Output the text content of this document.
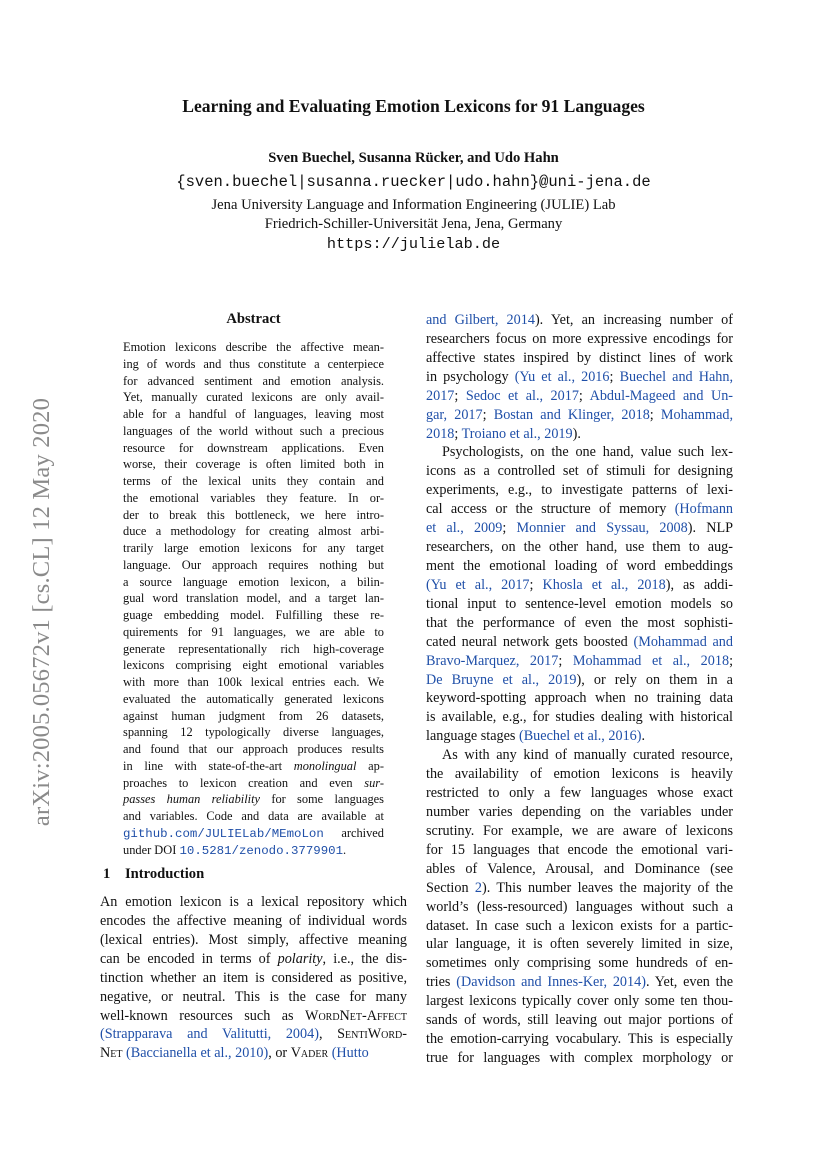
arXiv:2005.05672v1 [cs.CL] 12 May 2020
Learning and Evaluating Emotion Lexicons for 91 Languages
Sven Buechel, Susanna Rücker, and Udo Hahn
{sven.buechel|susanna.ruecker|udo.hahn}@uni-jena.de
Jena University Language and Information Engineering (JULIE) Lab
Friedrich-Schiller-Universität Jena, Jena, Germany
https://julielab.de
Abstract
Emotion lexicons describe the affective mean-
ing of words and thus constitute a centerpiece
for advanced sentiment and emotion analysis.
Yet, manually curated lexicons are only avail-
able for a handful of languages, leaving most
languages of the world without such a precious
resource for downstream applications. Even
worse, their coverage is often limited both in
terms of the lexical units they contain and
the emotional variables they feature. In or-
der to break this bottleneck, we here intro-
duce a methodology for creating almost arbi-
trarily large emotion lexicons for any target
language. Our approach requires nothing but
a source language emotion lexicon, a bilin-
gual word translation model, and a target lan-
guage embedding model. Fulfilling these re-
quirements for 91 languages, we are able to
generate representationally rich high-coverage
lexicons comprising eight emotional variables
with more than 100k lexical entries each. We
evaluated the automatically generated lexicons
against human judgment from 26 datasets,
spanning 12 typologically diverse languages,
and found that our approach produces results
in line with state-of-the-art monolingual ap-
proaches to lexicon creation and even sur-
passes human reliability for some languages
and variables. Code and data are available at
github.com/JULIELab/MEmoLon archived
under DOI 10.5281/zenodo.3779901.
1 Introduction
An emotion lexicon is a lexical repository which
encodes the affective meaning of individual words
(lexical entries). Most simply, affective meaning
can be encoded in terms of polarity, i.e., the dis-
tinction whether an item is considered as positive,
negative, or neutral. This is the case for many
well-known resources such as WordNet-Affect
(Strapparava and Valitutti, 2004), SentiWord-
Net (Baccianella et al., 2010), or Vader (Hutto
and Gilbert, 2014). Yet, an increasing number of
researchers focus on more expressive encodings for
affective states inspired by distinct lines of work
in psychology (Yu et al., 2016; Buechel and Hahn,
2017; Sedoc et al., 2017; Abdul-Mageed and Un-
gar, 2017; Bostan and Klinger, 2018; Mohammad,
2018; Troiano et al., 2019).
Psychologists, on the one hand, value such lex-
icons as a controlled set of stimuli for designing
experiments, e.g., to investigate patterns of lexi-
cal access or the structure of memory (Hofmann
et al., 2009; Monnier and Syssau, 2008). NLP
researchers, on the other hand, use them to aug-
ment the emotional loading of word embeddings
(Yu et al., 2017; Khosla et al., 2018), as addi-
tional input to sentence-level emotion models so
that the performance of even the most sophisti-
cated neural network gets boosted (Mohammad and
Bravo-Marquez, 2017; Mohammad et al., 2018;
De Bruyne et al., 2019), or rely on them in a
keyword-spotting approach when no training data
is available, e.g., for studies dealing with historical
language stages (Buechel et al., 2016).
As with any kind of manually curated resource,
the availability of emotion lexicons is heavily
restricted to only a few languages whose exact
number varies depending on the variables under
scrutiny. For example, we are aware of lexicons
for 15 languages that encode the emotional vari-
ables of Valence, Arousal, and Dominance (see
Section 2). This number leaves the majority of the
world’s (less-resourced) languages without such a
dataset. In case such a lexicon exists for a partic-
ular language, it is often severely limited in size,
sometimes only comprising some hundreds of en-
tries (Davidson and Innes-Ker, 2014). Yet, even the
largest lexicons typically cover only some ten thou-
sands of words, still leaving out major portions of
the emotion-carrying vocabulary. This is especially
true for languages with complex morphology or
